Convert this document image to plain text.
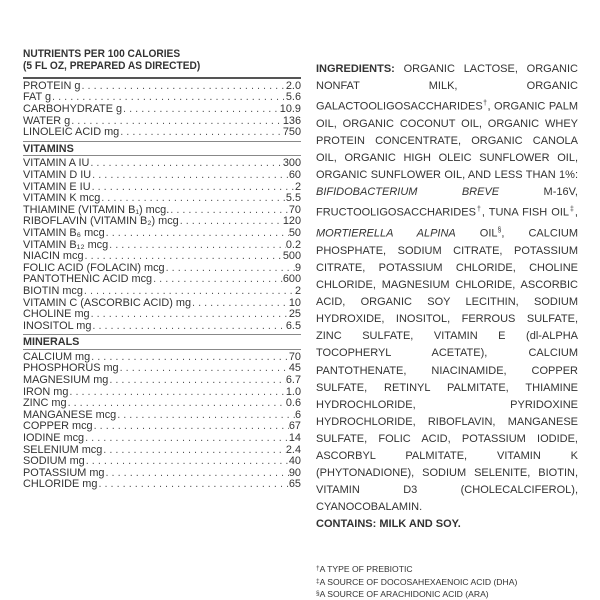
NUTRIENTS PER 100 CALORIES
(5 FL OZ, PREPARED AS DIRECTED)
PROTEIN g . . .	2.0
FAT g . . .	5.6
CARBOHYDRATE g . . .	10.9
WATER g . . .	136
LINOLEIC ACID mg . . .	750
VITAMINS
VITAMIN A IU . . .	300
VITAMIN D IU . . .	60
VITAMIN E IU . . .	2
VITAMIN K mcg . . .	5.5
THIAMINE (VITAMIN B₁) mcg. . . .	70
RIBOFLAVIN (VITAMIN B₂) mcg . . .	120
VITAMIN B₆ mcg . . .	50
VITAMIN B₁₂ mcg . . .	0.2
NIACIN mcg . . .	500
FOLIC ACID (FOLACIN) mcg . . .	9
PANTOTHENIC ACID mcg . . .	600
BIOTIN mcg . . .	2
VITAMIN C (ASCORBIC ACID) mg . . .	10
CHOLINE mg . . .	25
INOSITOL mg . . .	6.5
MINERALS
CALCIUM mg . . .	70
PHOSPHORUS mg . . .	45
MAGNESIUM mg . . .	6.7
IRON mg . . .	1.0
ZINC mg . . .	0.6
MANGANESE mcg . . .	6
COPPER mcg . . .	67
IODINE mcg . . .	14
SELENIUM mcg . . .	2.4
SODIUM mg . . .	40
POTASSIUM mg . . .	90
CHLORIDE mg . . .	65
INGREDIENTS: ORGANIC LACTOSE, ORGANIC NONFAT MILK, ORGANIC GALACTOOLIGOSACCHARIDES†, ORGANIC PALM OIL, ORGANIC COCONUT OIL, ORGANIC WHEY PROTEIN CONCENTRATE, ORGANIC CANOLA OIL, ORGANIC HIGH OLEIC SUNFLOWER OIL, ORGANIC SUNFLOWER OIL, AND LESS THAN 1%: BIFIDOBACTERIUM BREVE M-16V, FRUCTOOLIGOSACCHARIDES†, TUNA FISH OIL‡, MORTIERELLA ALPINA OIL§, CALCIUM PHOSPHATE, SODIUM CITRATE, POTASSIUM CITRATE, POTASSIUM CHLORIDE, CHOLINE CHLORIDE, MAGNESIUM CHLORIDE, ASCORBIC ACID, ORGANIC SOY LECITHIN, SODIUM HYDROXIDE, INOSITOL, FERROUS SULFATE, ZINC SULFATE, VITAMIN E (dl-ALPHA TOCOPHERYL ACETATE), CALCIUM PANTOTHENATE, NIACINAMIDE, COPPER SULFATE, RETINYL PALMITATE, THIAMINE HYDROCHLORIDE, PYRIDOXINE HYDROCHLORIDE, RIBOFLAVIN, MANGANESE SULFATE, FOLIC ACID, POTASSIUM IODIDE, ASCORBYL PALMITATE, VITAMIN K (PHYTONADIONE), SODIUM SELENITE, BIOTIN, VITAMIN D3 (CHOLECALCIFEROL), CYANOCOBALAMIN.
CONTAINS: MILK AND SOY.
†A TYPE OF PREBIOTIC
‡A SOURCE OF DOCOSAHEXAENOIC ACID (DHA)
§A SOURCE OF ARACHIDONIC ACID (ARA)
